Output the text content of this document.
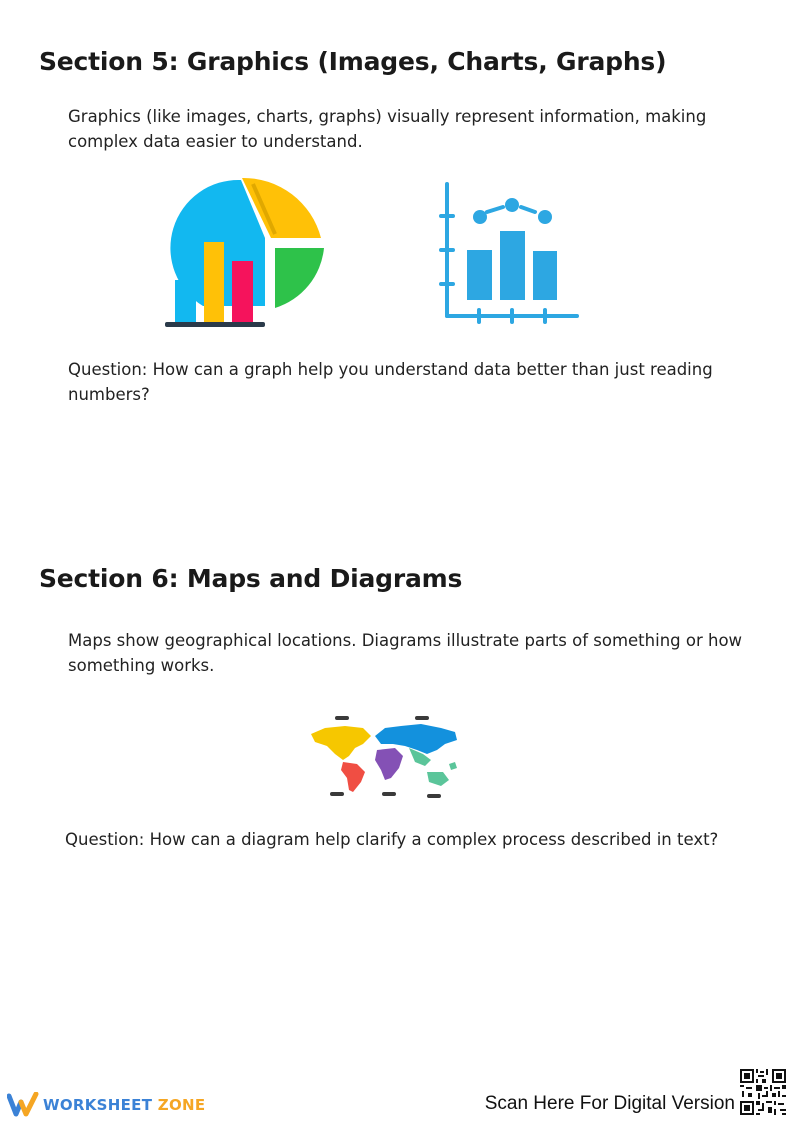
Section 5: Graphics (Images, Charts, Graphs)

Graphics (like images, charts, graphs) visually represent information, making complex data easier to understand.

Question: How can a graph help you understand data better than just reading numbers?

Section 6: Maps and Diagrams

Maps show geographical locations. Diagrams illustrate parts of something or how something works.

Question: How can a diagram help clarify a complex process described in text?

WORKSHEET ZONE	Scan Here For Digital Version
